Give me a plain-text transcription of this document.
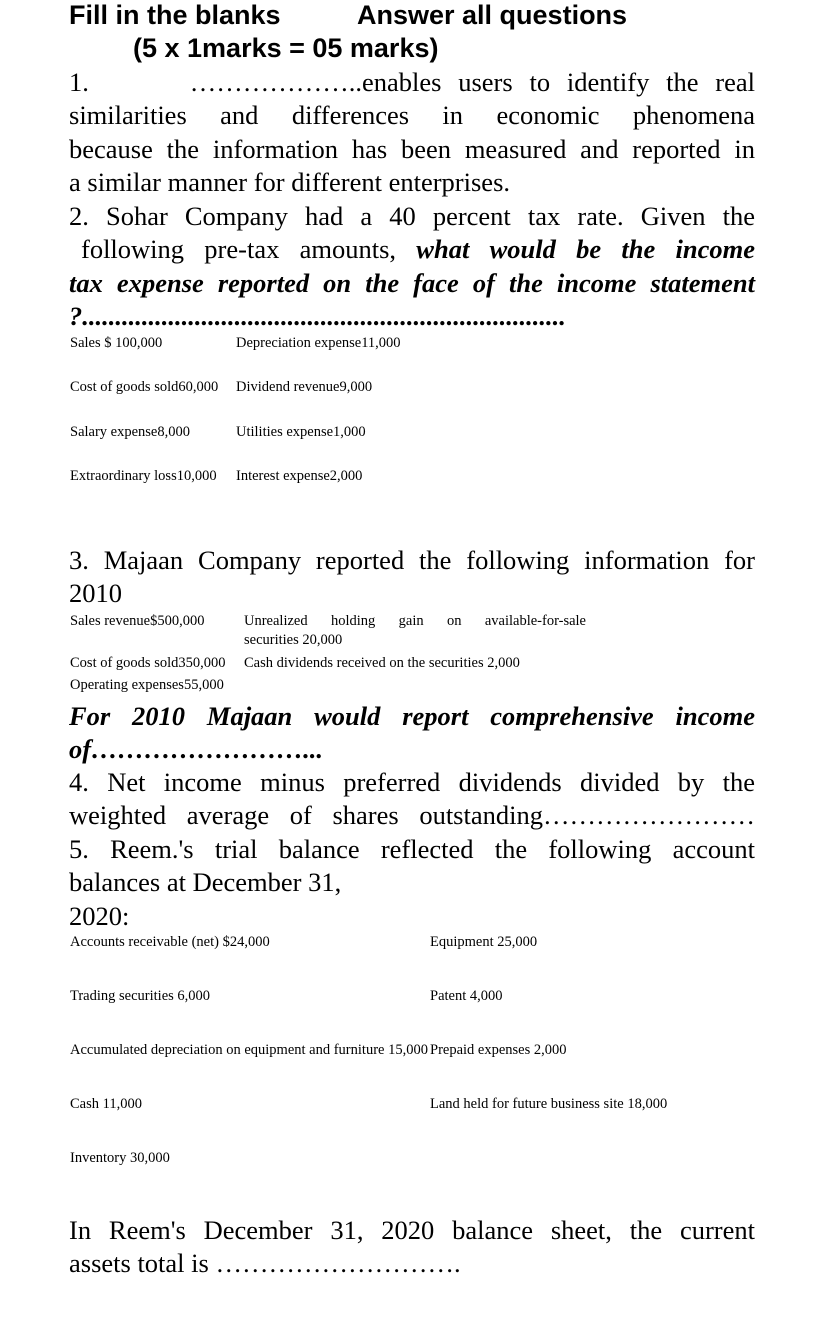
Fill in the blanks	Answer all questions
(5 x 1marks = 05 marks)
1.	………………..enables users to identify the real
similarities and differences in economic phenomena
because the information has been measured and reported in
a similar manner for different enterprises.
2. Sohar Company had a 40 percent tax rate. Given the
following pre-tax amounts, what would be the income
tax expense reported on the face of the income statement
?.........................................................................
Sales $ 100,000	Depreciation expense11,000
Cost of goods sold60,000 Dividend revenue9,000
Salary expense8,000	Utilities expense1,000
Extraordinary loss10,000 Interest expense2,000
3. Majaan Company reported the following information for
2010
Sales revenue$500,000	Unrealized holding gain on available-for-sale
securities 20,000
Cost of goods sold350,000 Cash dividends received on the securities 2,000
Operating expenses55,000
For 2010 Majaan would report comprehensive income
of……………………...
4. Net income minus preferred dividends divided by the
weighted average of shares outstanding……………………
5. Reem.'s trial balance reflected the following account
balances at December 31,
2020:
Accounts receivable (net) $24,000	Equipment 25,000
Trading securities 6,000	Patent 4,000
Accumulated depreciation on equipment and furniture 15,000 Prepaid expenses 2,000
Cash 11,000	Land held for future business site 18,000
Inventory 30,000
In Reem's December 31, 2020 balance sheet, the current
assets total is ……………………….
